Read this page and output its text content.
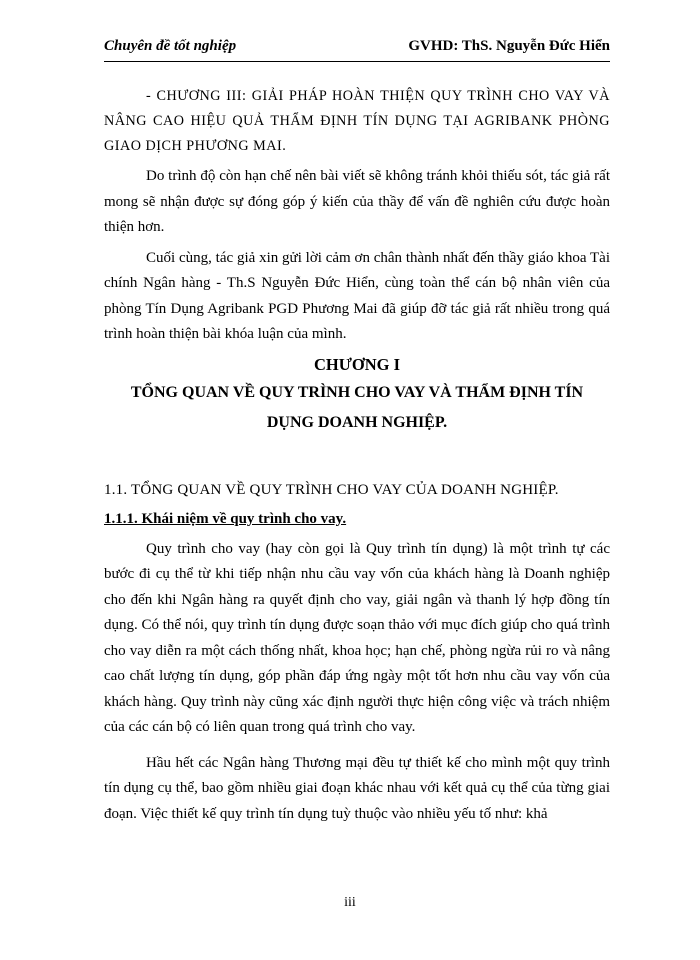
Chuyên đề tốt nghiệp	GVHD: ThS. Nguyễn Đức Hiển

- CHƯƠNG III: GIẢI PHÁP HOÀN THIỆN QUY TRÌNH CHO VAY VÀ NÂNG CAO HIỆU QUẢ THẨM ĐỊNH TÍN DỤNG TẠI AGRIBANK PHÒNG GIAO DỊCH PHƯƠNG MAI.

Do trình độ còn hạn chế nên bài viết sẽ không tránh khỏi thiếu sót, tác giả rất mong sẽ nhận được sự đóng góp ý kiến của thầy để vấn đề nghiên cứu được hoàn thiện hơn.

Cuối cùng, tác giả xin gửi lời cảm ơn chân thành nhất đến thầy giáo khoa Tài chính Ngân hàng - Th.S Nguyễn Đức Hiển, cùng toàn thể cán bộ nhân viên của phòng Tín Dụng Agribank PGD Phương Mai đã giúp đỡ tác giả rất nhiều trong quá trình hoàn thiện bài khóa luận của mình.

CHƯƠNG I

TỔNG QUAN VỀ QUY TRÌNH CHO VAY VÀ THẨM ĐỊNH TÍN DỤNG DOANH NGHIỆP.

1.1. TỔNG QUAN VỀ QUY TRÌNH CHO VAY CỦA DOANH NGHIỆP.

1.1.1. Khái niệm về quy trình cho vay.

Quy trình cho vay (hay còn gọi là Quy trình tín dụng) là một trình tự các bước đi cụ thể từ khi tiếp nhận nhu cầu vay vốn của khách hàng là Doanh nghiệp cho đến khi Ngân hàng ra quyết định cho vay, giải ngân và thanh lý hợp đồng tín dụng. Có thể nói, quy trình tín dụng được soạn thảo với mục đích giúp cho quá trình cho vay diễn ra một cách thống nhất, khoa học; hạn chế, phòng ngừa rủi ro và nâng cao chất lượng tín dụng, góp phần đáp ứng ngày một tốt hơn nhu cầu vay vốn của khách hàng. Quy trình này cũng xác định người thực hiện công việc và trách nhiệm của các cán bộ có liên quan trong quá trình cho vay.

Hầu hết các Ngân hàng Thương mại đều tự thiết kế cho mình một quy trình tín dụng cụ thể, bao gồm nhiều giai đoạn khác nhau với kết quả cụ thể của từng giai đoạn. Việc thiết kế quy trình tín dụng tuỳ thuộc vào nhiều yếu tố như: khả

iii
